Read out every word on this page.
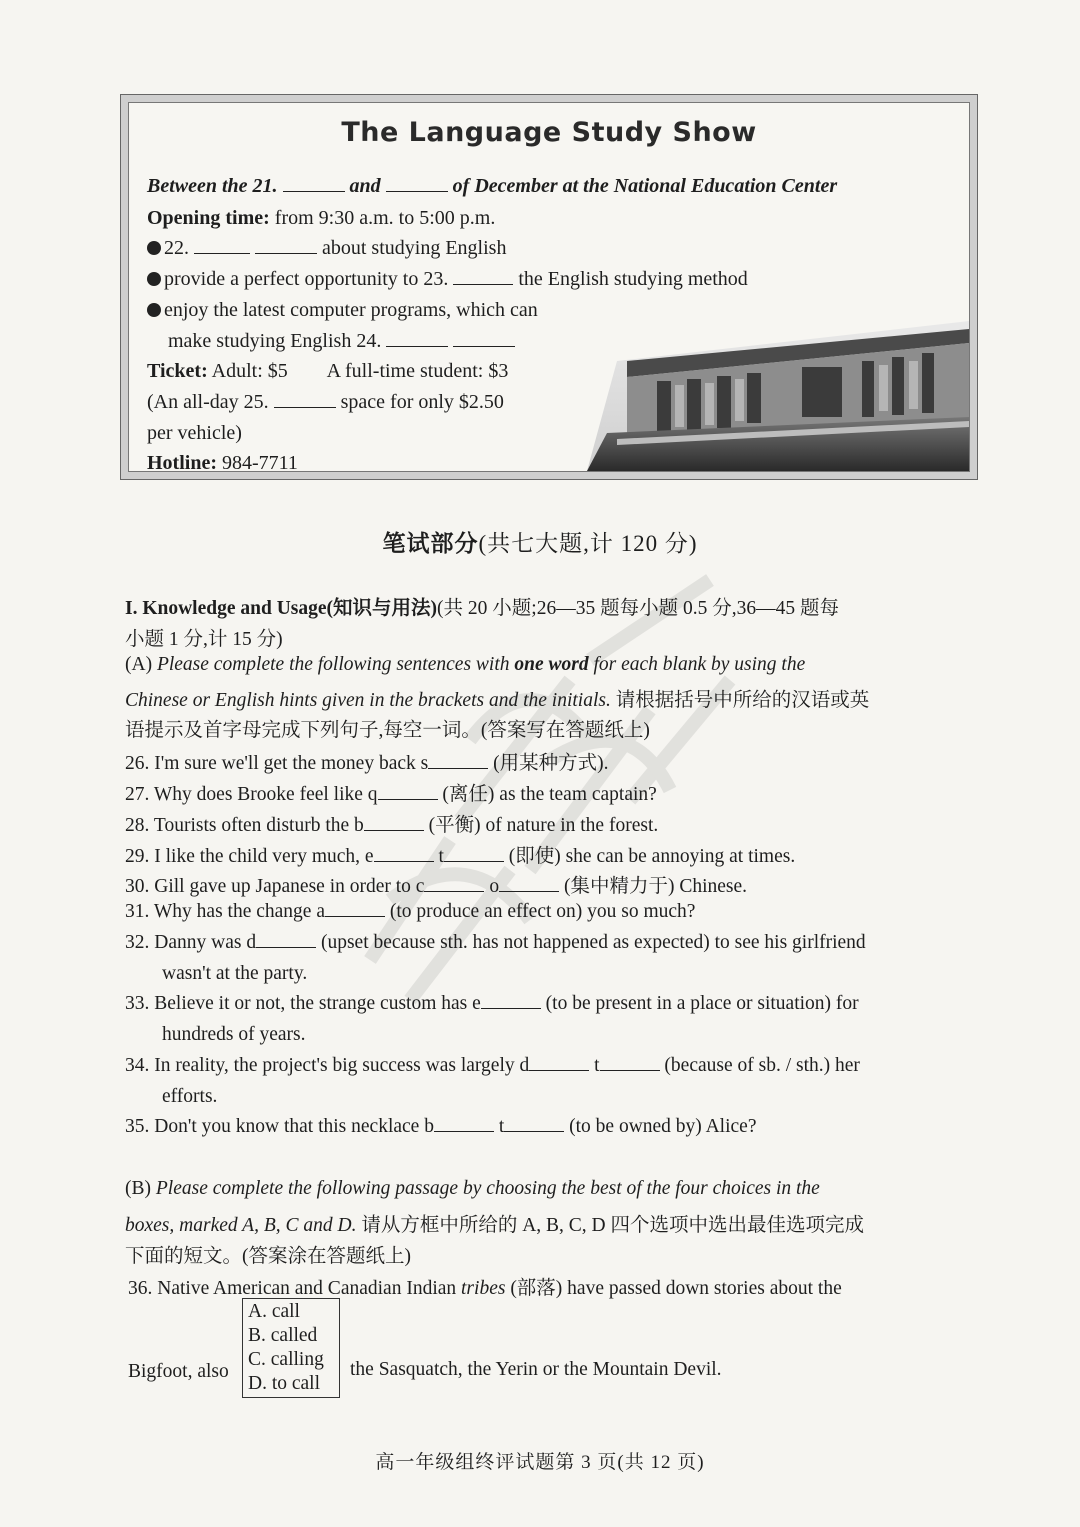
The Language Study Show
Between the 21.	and	of December at the National Education Center
Opening time: from 9:30 a.m. to 5:00 p.m.
22.	about studying English
provide a perfect opportunity to 23.	the English studying method
enjoy the latest computer programs, which can
make studying English 24.
Ticket: Adult: $5 A full-time student: $3
(An all-day 25.	space for only $2.50
per vehicle)
Hotline: 984-7711
笔试部分(共七大题,计 120 分)
I. Knowledge and Usage(知识与用法)(共 20 小题;26—35 题每小题 0.5 分,36—45 题每
小题 1 分,计 15 分)
(A) Please complete the following sentences with one word for each blank by using the
Chinese or English hints given in the brackets and the initials. 请根据括号中所给的汉语或英
语提示及首字母完成下列句子,每空一词。(答案写在答题纸上)
26. I'm sure we'll get the money back s	(用某种方式).
27. Why does Brooke feel like q	(离任) as the team captain?
28. Tourists often disturb the b	(平衡) of nature in the forest.
29. I like the child very much, e	t	(即使) she can be annoying at times.
30. Gill gave up Japanese in order to c	o	(集中精力于) Chinese.
31. Why has the change a	(to produce an effect on) you so much?
32. Danny was d	(upset because sth. has not happened as expected) to see his girlfriend
wasn't at the party.
33. Believe it or not, the strange custom has e	(to be present in a place or situation) for
hundreds of years.
34. In reality, the project's big success was largely d	t	(because of sb. / sth.) her
efforts.
35. Don't you know that this necklace b	t	(to be owned by) Alice?
(B) Please complete the following passage by choosing the best of the four choices in the
boxes, marked A, B, C and D. 请从方框中所给的 A, B, C, D 四个选项中选出最佳选项完成
下面的短文。(答案涂在答题纸上)
36. Native American and Canadian Indian tribes (部落) have passed down stories about the
Bigfoot, also
A. call
B. called
C. calling
D. to call
the Sasquatch, the Yerin or the Mountain Devil.
高一年级组终评试题第 3 页(共 12 页)
